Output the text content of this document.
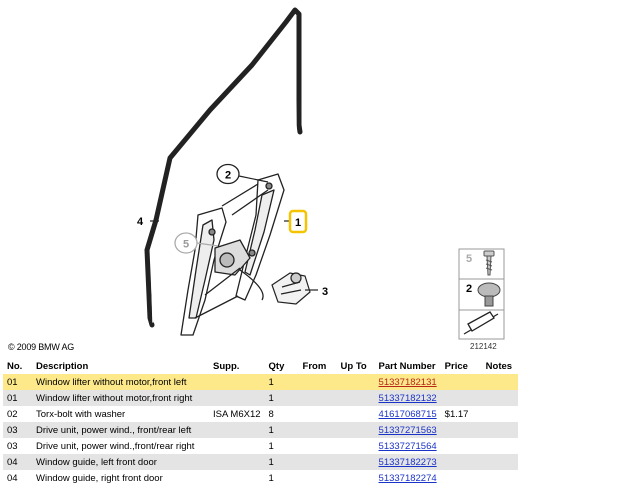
2
1
3
4
5
5
2
© 2009 BMW AG	212142
No.	Description	Supp.	Qty	From	Up To	Part Number	Price	Notes
01	Window lifter without motor,front left		1			51337182131		
01	Window lifter without motor,front right		1			51337182132		
02	Torx-bolt with washer	ISA M6X12	8			41617068715	$1.17	
03	Drive unit, power wind., front/rear left		1			51337271563		
03	Drive unit, power wind.,front/rear right		1			51337271564		
04	Window guide, left front door		1			51337182273		
04	Window guide, right front door		1			51337182274		
